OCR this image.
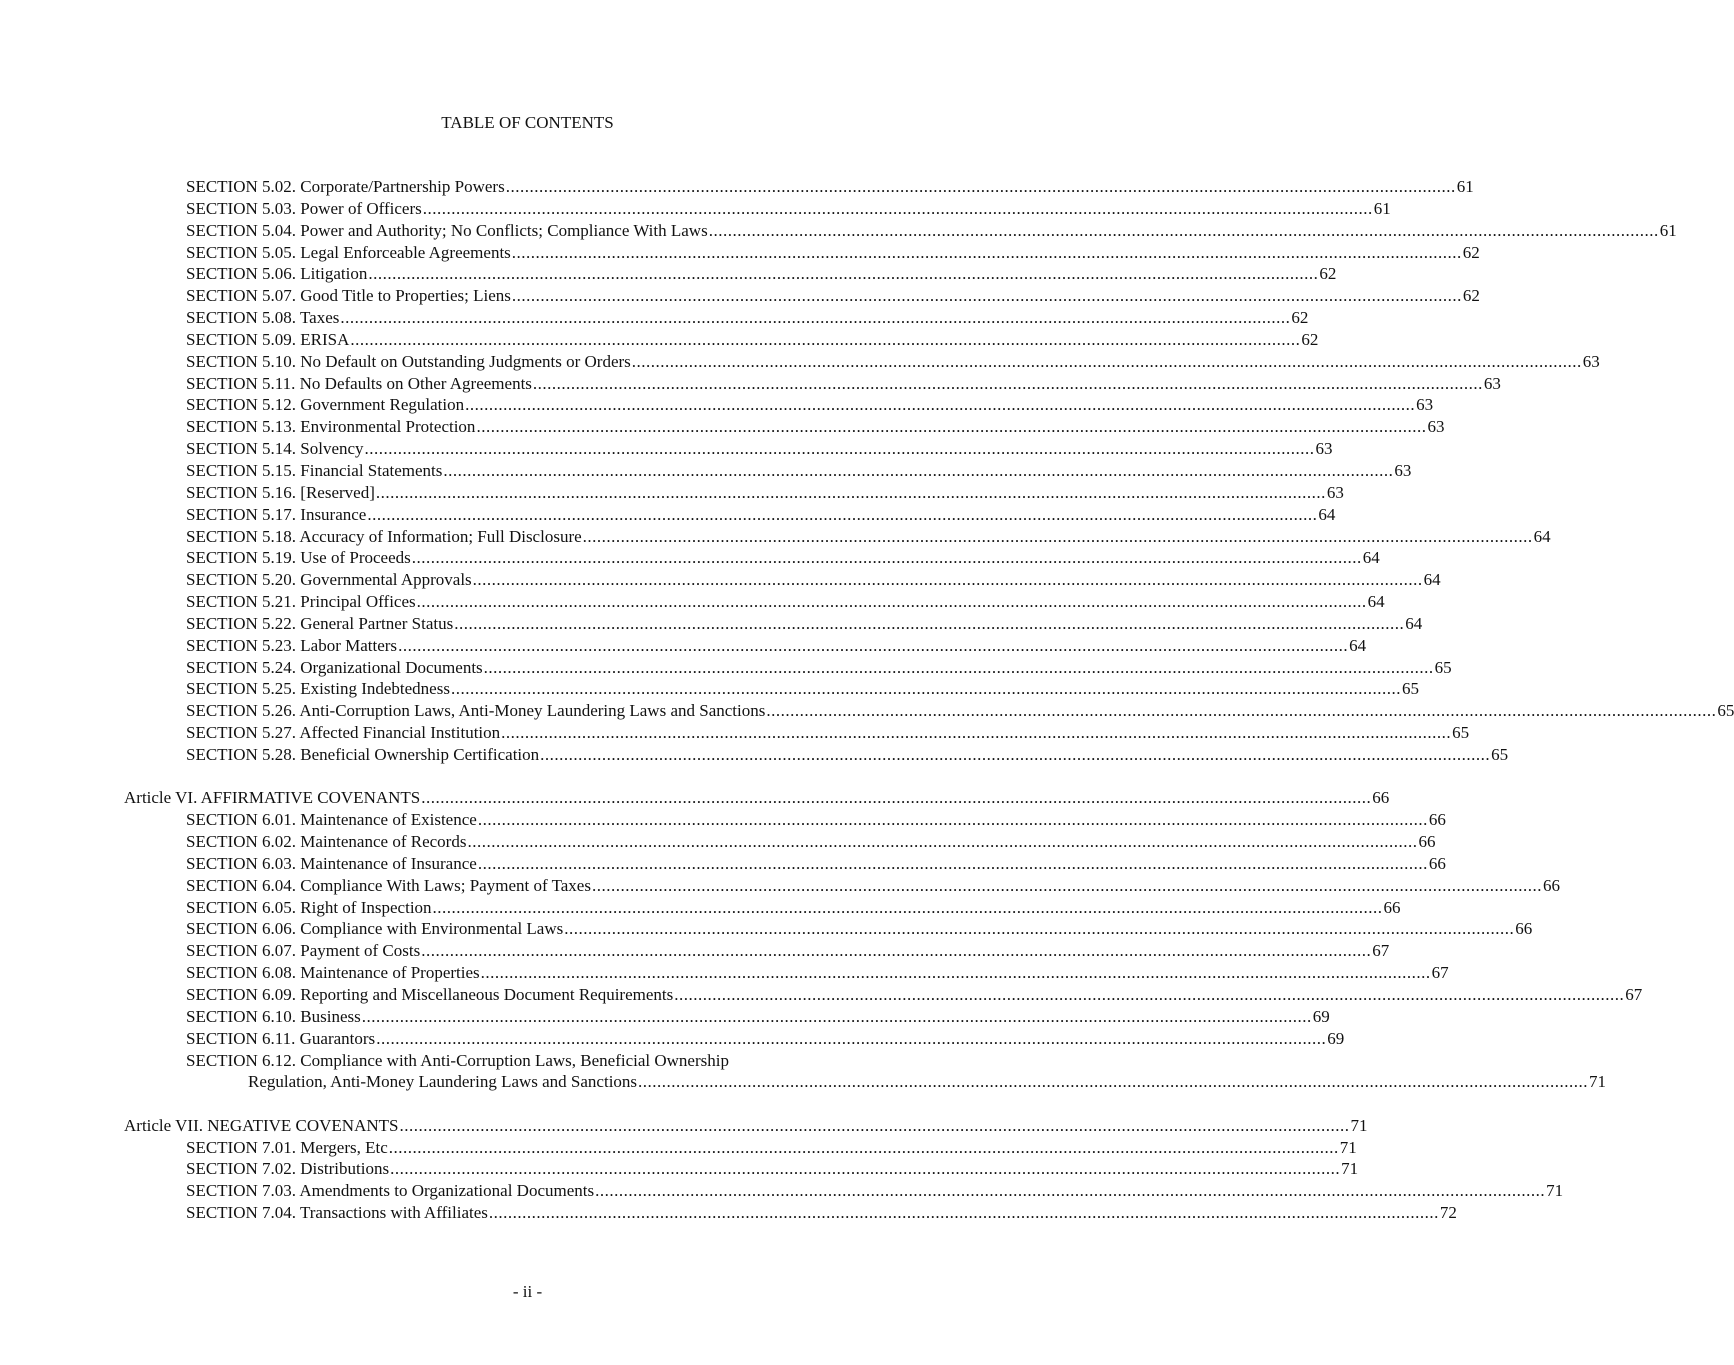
TABLE OF CONTENTS
SECTION 5.02. Corporate/Partnership Powers ........................................................................................................................................................................................................ 61
SECTION 5.03. Power of Officers ........................................................................................................................................................................................................ 61
SECTION 5.04. Power and Authority; No Conflicts; Compliance With Laws ........................................................................................................................................................................................................ 61
SECTION 5.05. Legal Enforceable Agreements ........................................................................................................................................................................................................ 62
SECTION 5.06. Litigation ........................................................................................................................................................................................................ 62
SECTION 5.07. Good Title to Properties; Liens ........................................................................................................................................................................................................ 62
SECTION 5.08. Taxes ........................................................................................................................................................................................................ 62
SECTION 5.09. ERISA ........................................................................................................................................................................................................ 62
SECTION 5.10. No Default on Outstanding Judgments or Orders ........................................................................................................................................................................................................ 63
SECTION 5.11. No Defaults on Other Agreements ........................................................................................................................................................................................................ 63
SECTION 5.12. Government Regulation ........................................................................................................................................................................................................ 63
SECTION 5.13. Environmental Protection ........................................................................................................................................................................................................ 63
SECTION 5.14. Solvency ........................................................................................................................................................................................................ 63
SECTION 5.15. Financial Statements ........................................................................................................................................................................................................ 63
SECTION 5.16. [Reserved] ........................................................................................................................................................................................................ 63
SECTION 5.17. Insurance ........................................................................................................................................................................................................ 64
SECTION 5.18. Accuracy of Information; Full Disclosure ........................................................................................................................................................................................................ 64
SECTION 5.19. Use of Proceeds ........................................................................................................................................................................................................ 64
SECTION 5.20. Governmental Approvals ........................................................................................................................................................................................................ 64
SECTION 5.21. Principal Offices ........................................................................................................................................................................................................ 64
SECTION 5.22. General Partner Status ........................................................................................................................................................................................................ 64
SECTION 5.23. Labor Matters ........................................................................................................................................................................................................ 64
SECTION 5.24. Organizational Documents ........................................................................................................................................................................................................ 65
SECTION 5.25. Existing Indebtedness ........................................................................................................................................................................................................ 65
SECTION 5.26. Anti-Corruption Laws, Anti-Money Laundering Laws and Sanctions ........................................................................................................................................................................................................ 65
SECTION 5.27. Affected Financial Institution ........................................................................................................................................................................................................ 65
SECTION 5.28. Beneficial Ownership Certification ........................................................................................................................................................................................................ 65
Article VI. AFFIRMATIVE COVENANTS ........................................................................................................................................................................................................ 66
SECTION 6.01. Maintenance of Existence ........................................................................................................................................................................................................ 66
SECTION 6.02. Maintenance of Records ........................................................................................................................................................................................................ 66
SECTION 6.03. Maintenance of Insurance ........................................................................................................................................................................................................ 66
SECTION 6.04. Compliance With Laws; Payment of Taxes ........................................................................................................................................................................................................ 66
SECTION 6.05. Right of Inspection ........................................................................................................................................................................................................ 66
SECTION 6.06. Compliance with Environmental Laws ........................................................................................................................................................................................................ 66
SECTION 6.07. Payment of Costs ........................................................................................................................................................................................................ 67
SECTION 6.08. Maintenance of Properties ........................................................................................................................................................................................................ 67
SECTION 6.09. Reporting and Miscellaneous Document Requirements ........................................................................................................................................................................................................ 67
SECTION 6.10. Business ........................................................................................................................................................................................................ 69
SECTION 6.11. Guarantors ........................................................................................................................................................................................................ 69
SECTION 6.12. Compliance with Anti-Corruption Laws, Beneficial Ownership
Regulation, Anti-Money Laundering Laws and Sanctions ........................................................................................................................................................................................................ 71
Article VII. NEGATIVE COVENANTS ........................................................................................................................................................................................................ 71
SECTION 7.01. Mergers, Etc ........................................................................................................................................................................................................ 71
SECTION 7.02. Distributions ........................................................................................................................................................................................................ 71
SECTION 7.03. Amendments to Organizational Documents ........................................................................................................................................................................................................ 71
SECTION 7.04. Transactions with Affiliates ........................................................................................................................................................................................................ 72
- ii -
